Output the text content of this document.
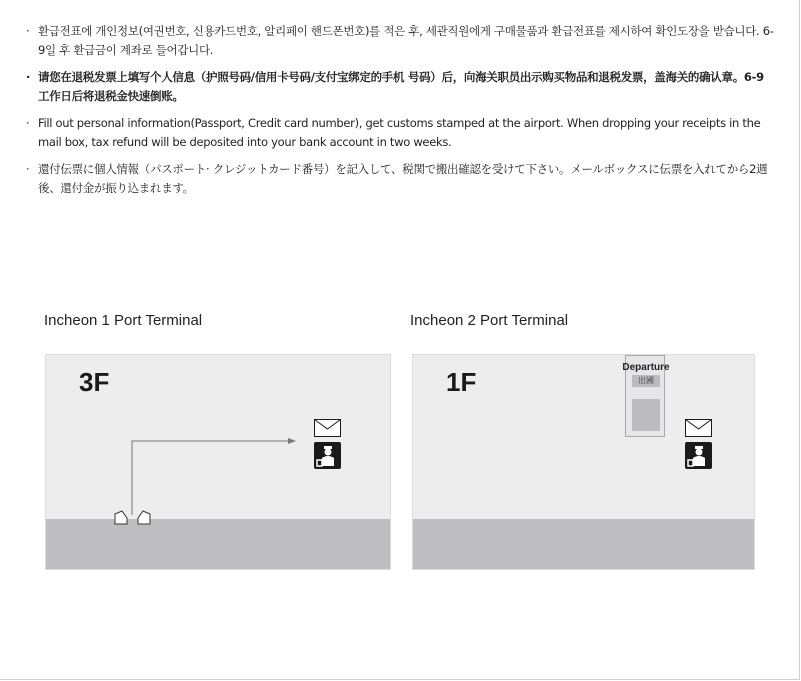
· 환급전표에 개인정보(여권번호, 신용카드번호, 알리페이 핸드폰번호)를 적은 후, 세관직원에게 구매물품과 환급전표를 제시하여 확인도장을 받습니다. 6-9일 후 환급금이 계좌로 들어갑니다.
· 请您在退税发票上填写个人信息（护照号码/信用卡号码/支付宝绑定的手机 号码）后，向海关职员出示购买物品和退税发票，盖海关的确认章。6-9工作日后将退税金快速倒账。
· Fill out personal information(Passport, Credit card number), get customs stamped at the airport. When dropping your receipts in the mail box, tax refund will be deposited into your bank account in two weeks.
· 還付伝票に個人情報（パスポート· クレジットカード番号）を記入して、税関で搬出確認を受けて下さい。メールボックスに伝票を入れてから2週後、還付金が振り込まれます。
Incheon 1 Port Terminal
3F
Incheon 2 Port Terminal
1F	Departure
出國
